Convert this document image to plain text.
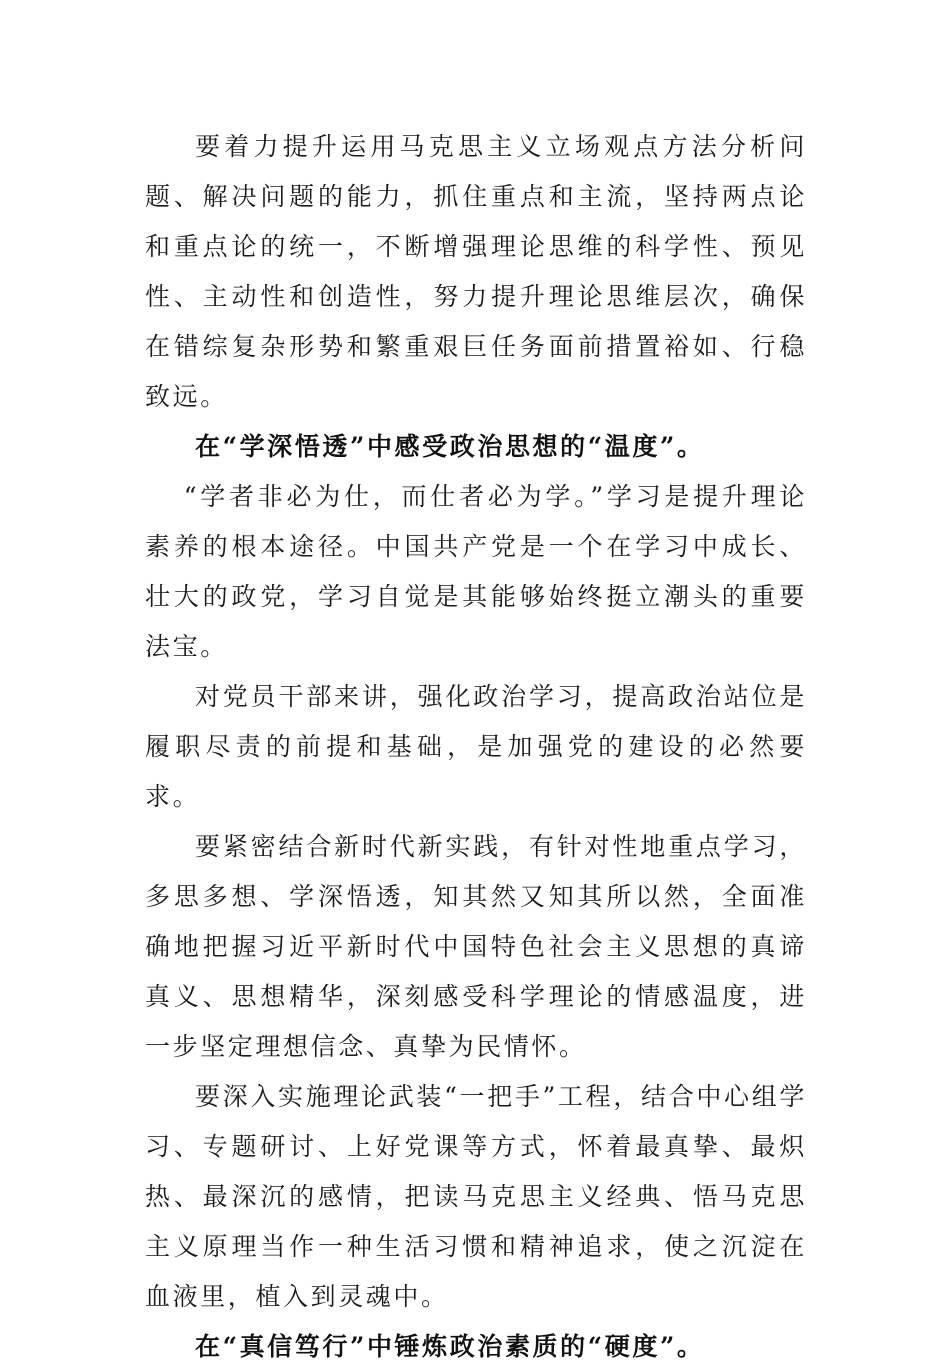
要着力提升运用马克思主义立场观点方法分析问题、解决问题的能力，抓住重点和主流，坚持两点论和重点论的统一，不断增强理论思维的科学性、预见性、主动性和创造性，努力提升理论思维层次，确保在错综复杂形势和繁重艰巨任务面前措置裕如、行稳致远。

在“学深悟透”中感受政治思想的“温度”。

“学者非必为仕，而仕者必为学。”学习是提升理论素养的根本途径。中国共产党是一个在学习中成长、壮大的政党，学习自觉是其能够始终挺立潮头的重要法宝。

对党员干部来讲，强化政治学习，提高政治站位是履职尽责的前提和基础，是加强党的建设的必然要求。

要紧密结合新时代新实践，有针对性地重点学习，多思多想、学深悟透，知其然又知其所以然，全面准确地把握习近平新时代中国特色社会主义思想的真谛真义、思想精华，深刻感受科学理论的情感温度，进一步坚定理想信念、真挚为民情怀。

要深入实施理论武装“一把手”工程，结合中心组学习、专题研讨、上好党课等方式，怀着最真挚、最炽热、最深沉的感情，把读马克思主义经典、悟马克思主义原理当作一种生活习惯和精神追求，使之沉淀在血液里，植入到灵魂中。

在“真信笃行”中锤炼政治素质的“硬度”。
